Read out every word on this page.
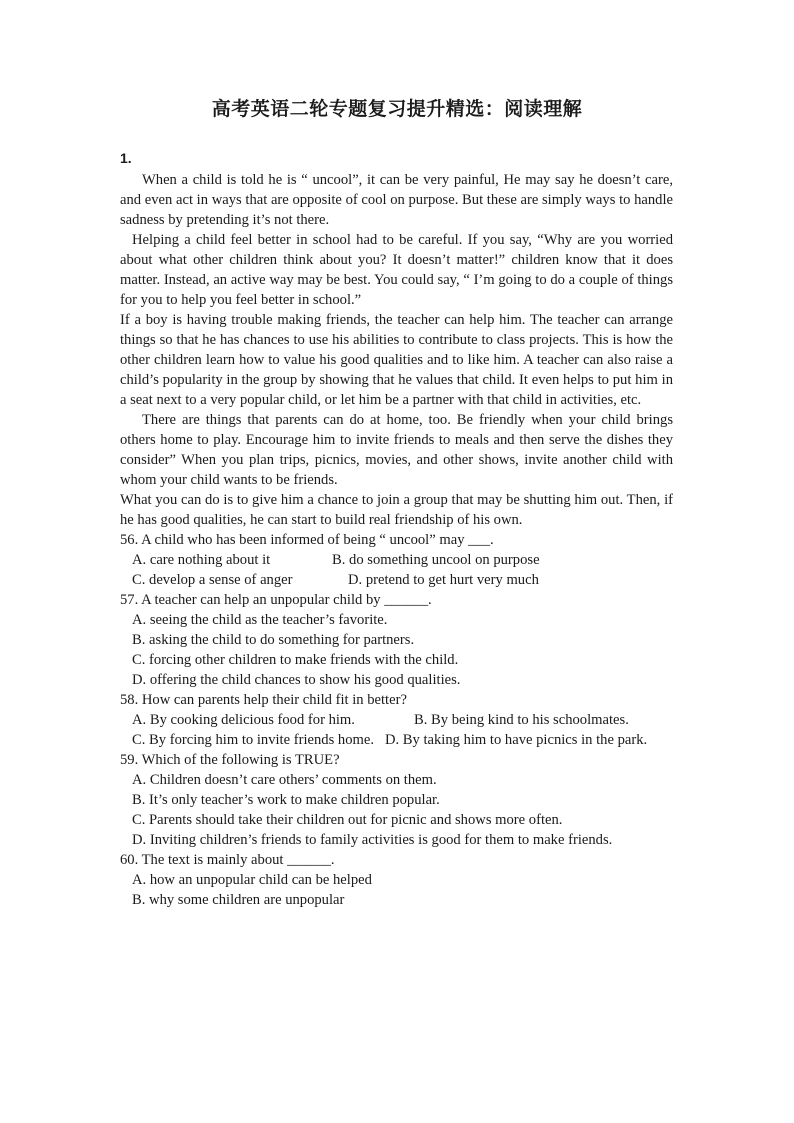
高考英语二轮专题复习提升精选：阅读理解
1.

When a child is told he is “ uncool”, it can be very painful, He may say he doesn’t care, and even act in ways that are opposite of cool on purpose. But these are simply ways to handle sadness by pretending it’s not there.

Helping a child feel better in school had to be careful. If you say, “Why are you worried about what other children think about you? It doesn’t matter!” children know that it does matter. Instead, an active way may be best. You could say, “ I’m going to do a couple of things for you to help you feel better in school.”

If a boy is having trouble making friends, the teacher can help him. The teacher can arrange things so that he has chances to use his abilities to contribute to class projects. This is how the other children learn how to value his good qualities and to like him. A teacher can also raise a child’s popularity in the group by showing that he values that child. It even helps to put him in a seat next to a very popular child, or let him be a partner with that child in activities, etc.

There are things that parents can do at home, too. Be friendly when your child brings others home to play. Encourage him to invite friends to meals and then serve the dishes they consider” When you plan trips, picnics, movies, and other shows, invite another child with whom your child wants to be friends.

What you can do is to give him a chance to join a group that may be shutting him out. Then, if he has good qualities, he can start to build real friendship of his own.

56. A child who has been informed of being “ uncool” may ___.

A. care nothing about it	B. do something uncool on purpose
C. develop a sense of anger	D. pretend to get hurt very much

57. A teacher can help an unpopular child by ______.

A. seeing the child as the teacher’s favorite.

B. asking the child to do something for partners.

C. forcing other children to make friends with the child.

D. offering the child chances to show his good qualities.

58. How can parents help their child fit in better?

A. By cooking delicious food for him.	B. By being kind to his schoolmates.

C. By forcing him to invite friends home. D. By taking him to have picnics in the park.

59. Which of the following is TRUE?

A. Children doesn’t care others’ comments on them.

B. It’s only teacher’s work to make children popular.

C. Parents should take their children out for picnic and shows more often.

D. Inviting children’s friends to family activities is good for them to make friends.

60. The text is mainly about ______.

A. how an unpopular child can be helped

B. why some children are unpopular
